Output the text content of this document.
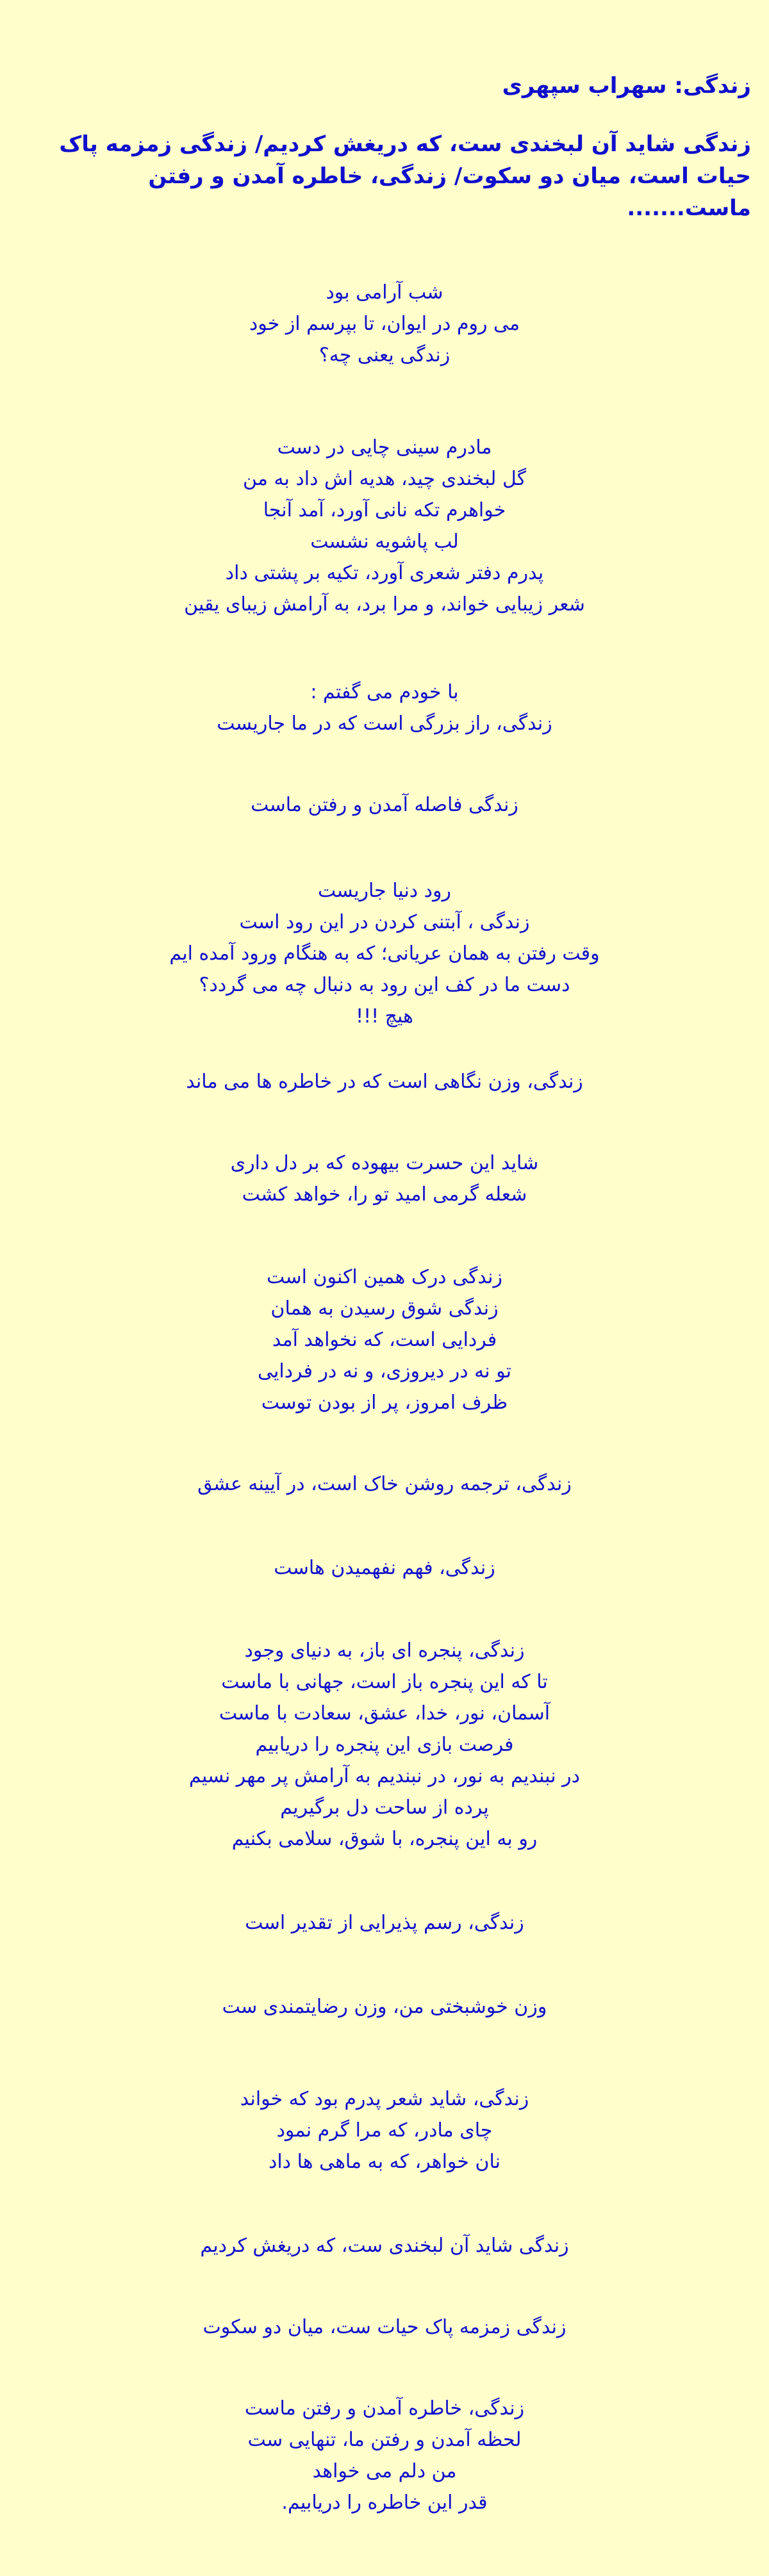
زندگی: سهراب سپهری

زندگی شاید آن لبخندی ست، که دریغش کردیم/ زندگی زمزمه پاک حیات است، میان دو سکوت/ زندگی، خاطره آمدن و رفتن ماست.......

شب آرامی بود
می روم در ایوان، تا بپرسم از خود
زندگی یعنی چه؟
مادرم سینی چایی در دست
گل لبخندی چید، هدیه اش داد به من
خواهرم تکه نانی آورد، آمد آنجا
لب پاشویه نشست
پدرم دفتر شعری آورد، تکیه بر پشتی داد
شعر زیبایی خواند، و مرا برد، به آرامش زیبای یقین
با خودم می گفتم :
زندگی، راز بزرگی است که در ما جاریست
زندگی فاصله آمدن و رفتن ماست
رود دنیا جاریست
زندگی ، آبتنی کردن در این رود است
وقت رفتن به همان عریانی؛ که به هنگام ورود آمده ایم
دست ما در کف این رود به دنبال چه می گردد؟
هیچ !!!
زندگی، وزن نگاهی است که در خاطره ها می ماند
شاید این حسرت بیهوده که بر دل داری
شعله گرمی امید تو را، خواهد کشت
زندگی درک همین اکنون است
زندگی شوق رسیدن به همان
فردایی است، که نخواهد آمد
تو نه در دیروزی، و نه در فردایی
ظرف امروز، پر از بودن توست
زندگی، ترجمه روشن خاک است، در آیینه عشق
زندگی، فهم نفهمیدن هاست
زندگی، پنجره ای باز، به دنیای وجود
تا که این پنجره باز است، جهانی با ماست
آسمان، نور، خدا، عشق، سعادت با ماست
فرصت بازی این پنجره را دریابیم
در نبندیم به نور، در نبندیم به آرامش پر مهر نسیم
پرده از ساحت دل برگیریم
رو به این پنجره، با شوق، سلامی بکنیم
زندگی، رسم پذیرایی از تقدیر است
وزن خوشبختی من، وزن رضایتمندی ست
زندگی، شاید شعر پدرم بود که خواند
چای مادر، که مرا گرم نمود
نان خواهر، که به ماهی ها داد
زندگی شاید آن لبخندی ست، که دریغش کردیم
زندگی زمزمه پاک حیات ست، میان دو سکوت
زندگی، خاطره آمدن و رفتن ماست
لحظه آمدن و رفتن ما، تنهایی ست
من دلم می خواهد
قدر این خاطره را دریابیم.
